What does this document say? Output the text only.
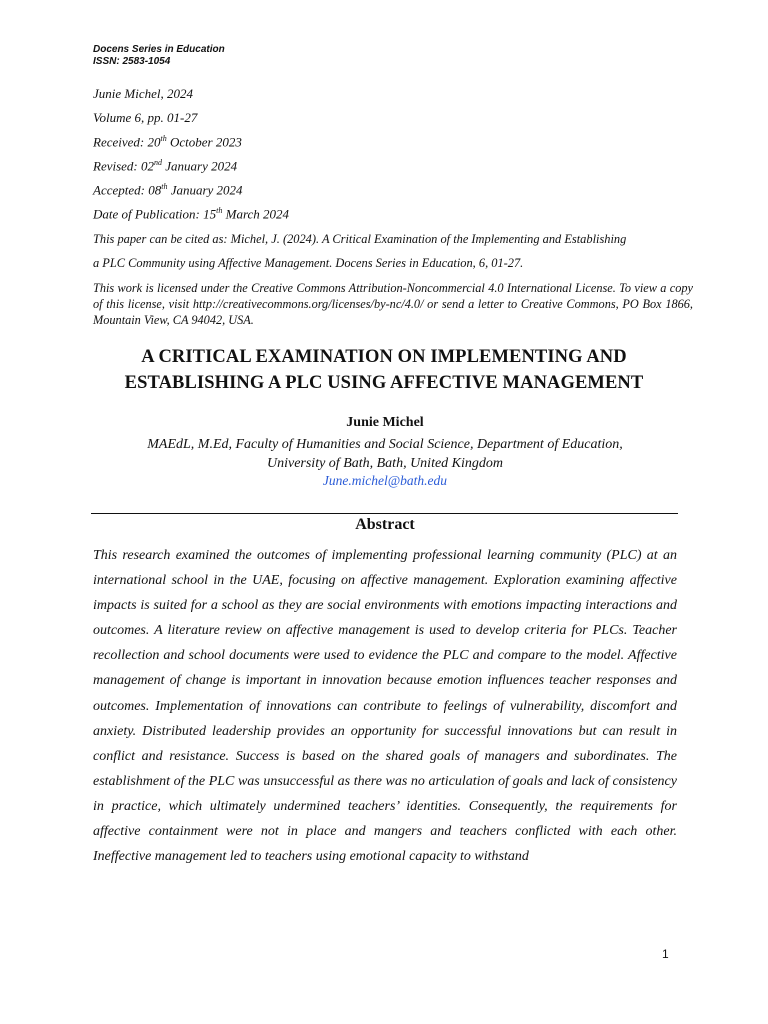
Docens Series in Education
ISSN: 2583-1054
Junie Michel, 2024
Volume 6, pp. 01-27
Received: 20th October 2023
Revised: 02nd January 2024
Accepted: 08th January 2024
Date of Publication: 15th March 2024
This paper can be cited as: Michel, J. (2024). A Critical Examination of the Implementing and Establishing
a PLC Community using Affective Management. Docens Series in Education, 6, 01-27.
This work is licensed under the Creative Commons Attribution-Noncommercial 4.0 International License. To view a copy of this license, visit http://creativecommons.org/licenses/by-nc/4.0/ or send a letter to Creative Commons, PO Box 1866, Mountain View, CA 94042, USA.
A CRITICAL EXAMINATION ON IMPLEMENTING AND
ESTABLISHING A PLC USING AFFECTIVE MANAGEMENT
Junie Michel
MAEdL, M.Ed, Faculty of Humanities and Social Science, Department of Education,
University of Bath, Bath, United Kingdom
June.michel@bath.edu
Abstract

This research examined the outcomes of implementing professional learning community (PLC) at an international school in the UAE, focusing on affective management. Exploration examining affective impacts is suited for a school as they are social environments with emotions impacting interactions and outcomes. A literature review on affective management is used to develop criteria for PLCs. Teacher recollection and school documents were used to evidence the PLC and compare to the model. Affective management of change is important in innovation because emotion influences teacher responses and outcomes. Implementation of innovations can contribute to feelings of vulnerability, discomfort and anxiety. Distributed leadership provides an opportunity for successful innovations but can result in conflict and resistance. Success is based on the shared goals of managers and subordinates. The establishment of the PLC was unsuccessful as there was no articulation of goals and lack of consistency in practice, which ultimately undermined teachers’ identities. Consequently, the requirements for affective containment were not in place and mangers and teachers conflicted with each other. Ineffective management led to teachers using emotional capacity to withstand

1
